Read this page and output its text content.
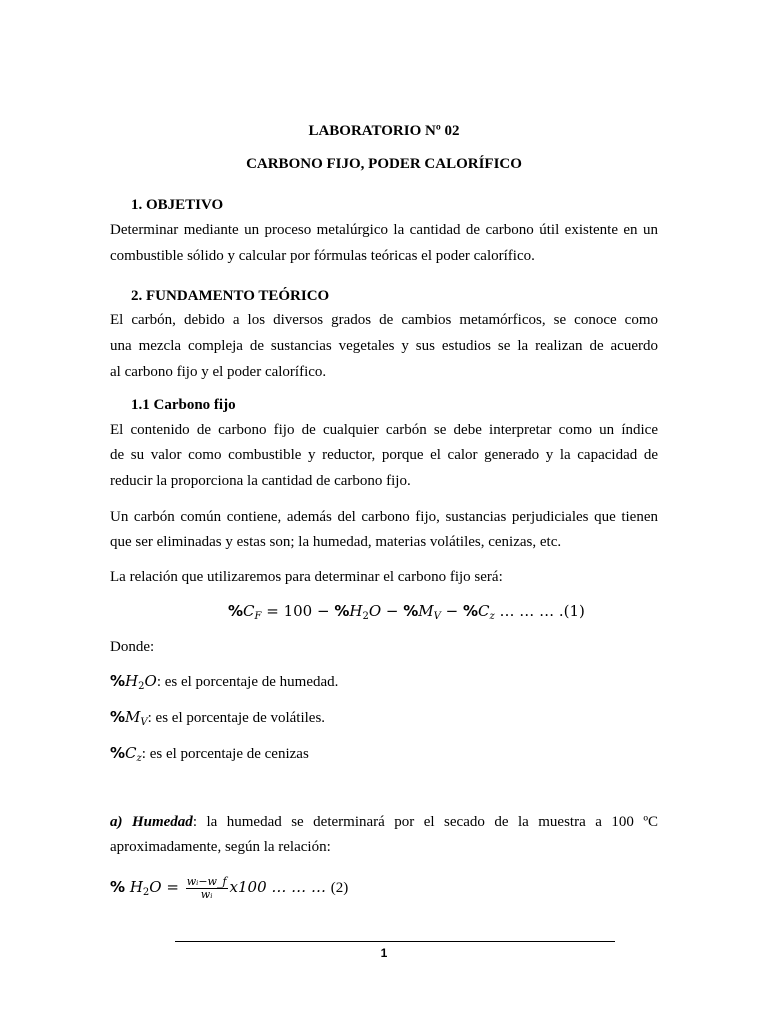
LABORATORIO Nº 02
CARBONO FIJO, PODER CALORÍFICO
1. OBJETIVO
Determinar mediante un proceso metalúrgico la cantidad de carbono útil existente en un
combustible sólido y calcular por fórmulas teóricas el poder calorífico.
2. FUNDAMENTO TEÓRICO
El carbón, debido a los diversos grados de cambios metamórficos, se conoce como
una mezcla compleja de sustancias vegetales y sus estudios se la realizan de acuerdo
al carbono fijo y el poder calorífico.
1.1 Carbono fijo
El contenido de carbono fijo de cualquier carbón se debe interpretar como un índice
de su valor como combustible y reductor, porque el calor generado y la capacidad de
reducir la proporciona la cantidad de carbono fijo.
Un carbón común contiene, además del carbono fijo, sustancias perjudiciales que tienen
que ser eliminadas y estas son; la humedad, materias volátiles, cenizas, etc.
La relación que utilizaremos para determinar el carbono fijo será:
$\%C_F = 100 - \%H_2O - \%M_V - \%C_z$ … … … .(1)
Donde:
$\%H_2O$: es el porcentaje de humedad.
$\%M_V$: es el porcentaje de volátiles.
$\%C_z$: es el porcentaje de cenizas
a) Humedad: la humedad se determinará por el secado de la muestra a 100 ºC
aproximadamente, según la relación:
% $H_2O = \frac{\text{wᵢ−w\_f}}{\text{wᵢ}} x100$ … … … (2)
1
